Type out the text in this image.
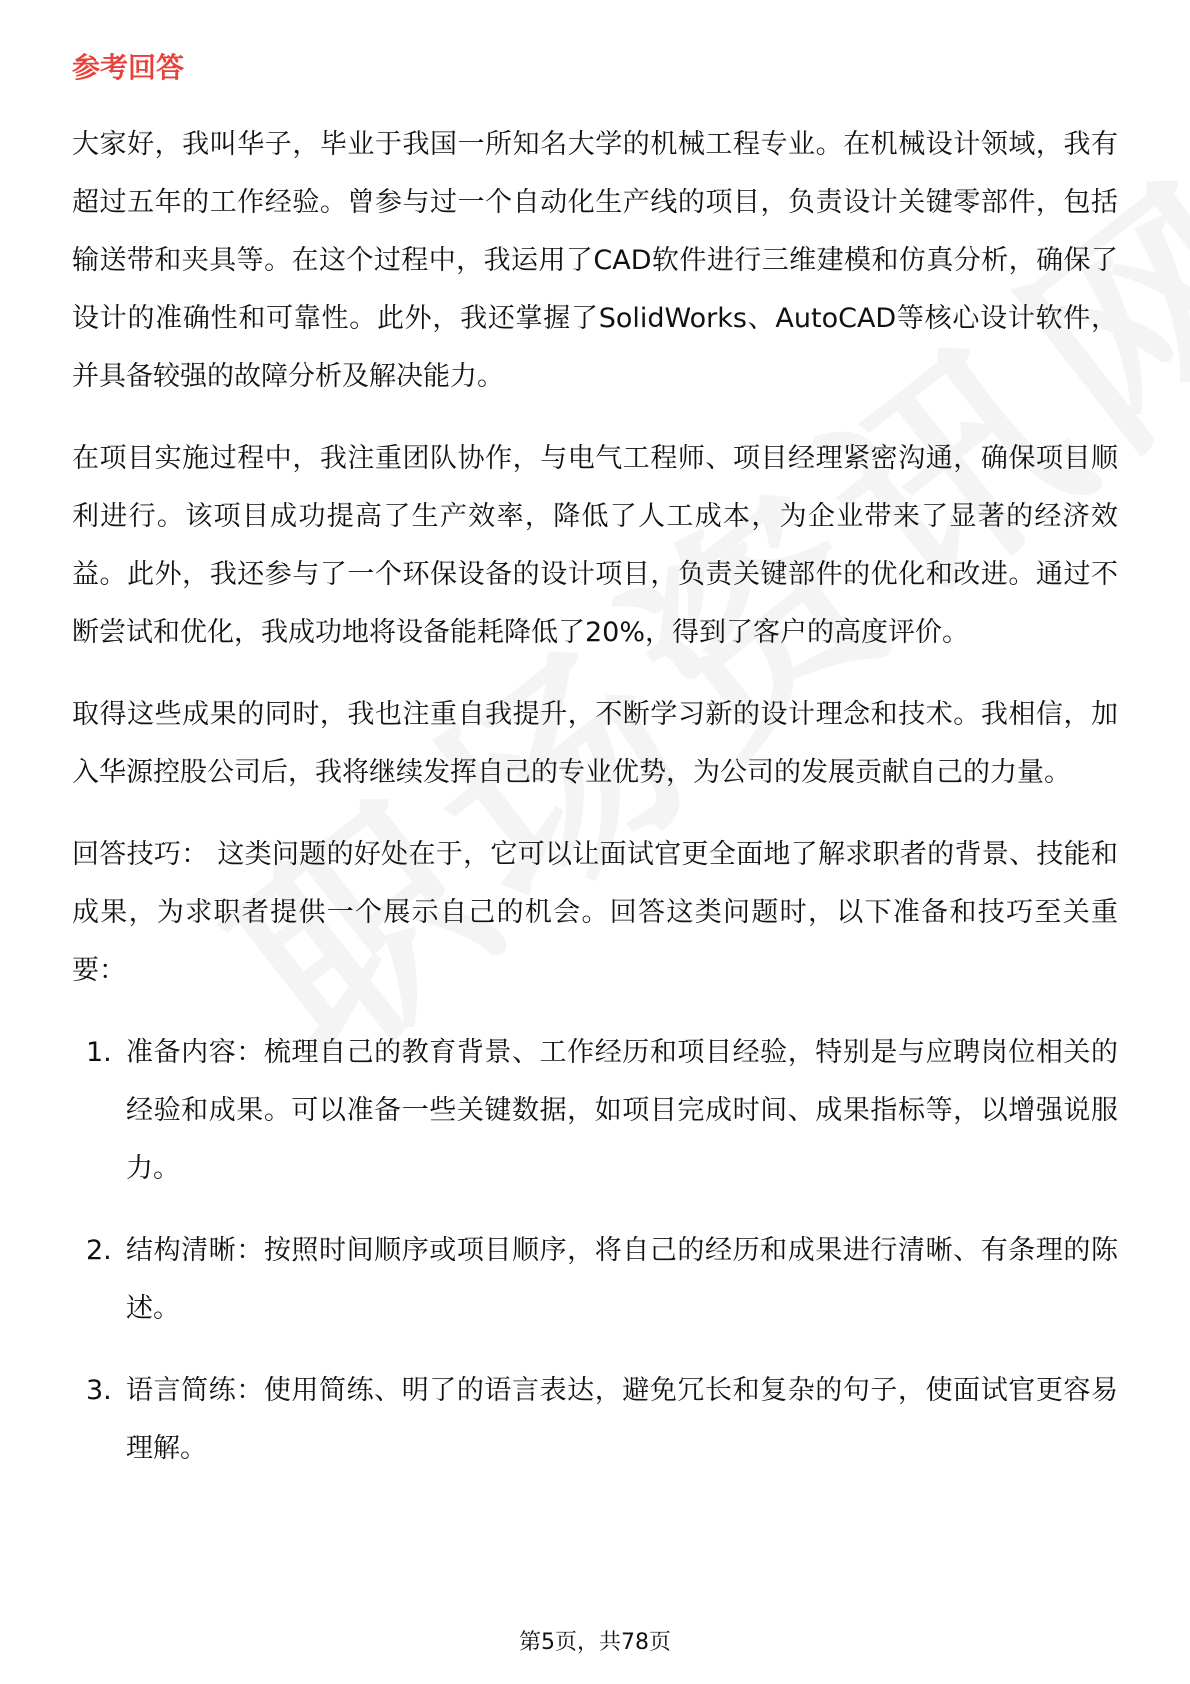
参考回答

大家好，我叫华子，毕业于我国一所知名大学的机械工程专业。在机械设计领域，我有超过五年的工作经验。曾参与过一个自动化生产线的项目，负责设计关键零部件，包括输送带和夹具等。在这个过程中，我运用了CAD软件进行三维建模和仿真分析，确保了设计的准确性和可靠性。此外，我还掌握了SolidWorks、AutoCAD等核心设计软件，并具备较强的故障分析及解决能力。

在项目实施过程中，我注重团队协作，与电气工程师、项目经理紧密沟通，确保项目顺利进行。该项目成功提高了生产效率，降低了人工成本，为企业带来了显著的经济效益。此外，我还参与了一个环保设备的设计项目，负责关键部件的优化和改进。通过不断尝试和优化，我成功地将设备能耗降低了20%，得到了客户的高度评价。

取得这些成果的同时，我也注重自我提升，不断学习新的设计理念和技术。我相信，加入华源控股公司后，我将继续发挥自己的专业优势，为公司的发展贡献自己的力量。

回答技巧： 这类问题的好处在于，它可以让面试官更全面地了解求职者的背景、技能和成果，为求职者提供一个展示自己的机会。回答这类问题时，以下准备和技巧至关重要：

1. 准备内容：梳理自己的教育背景、工作经历和项目经验，特别是与应聘岗位相关的经验和成果。可以准备一些关键数据，如项目完成时间、成果指标等，以增强说服力。
2. 结构清晰：按照时间顺序或项目顺序，将自己的经历和成果进行清晰、有条理的陈述。
3. 语言简练：使用简练、明了的语言表达，避免冗长和复杂的句子，使面试官更容易理解。
第5页，共78页
